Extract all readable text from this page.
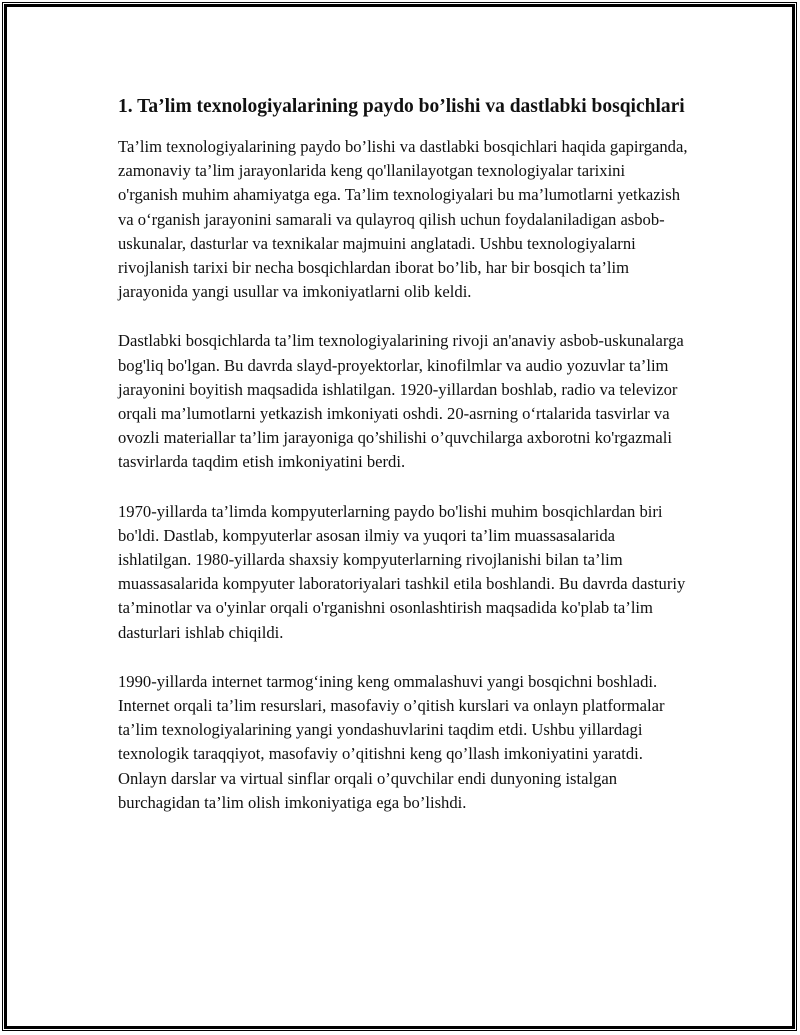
1. Ta’lim texnologiyalarining paydo bo’lishi va dastlabki bosqichlari

Ta’lim texnologiyalarining paydo bo’lishi va dastlabki bosqichlari haqida gapirganda, zamonaviy ta’lim jarayonlarida keng qo'llanilayotgan texnologiyalar tarixini o'rganish muhim ahamiyatga ega. Ta’lim texnologiyalari bu ma’lumotlarni yetkazish va o‘rganish jarayonini samarali va qulayroq qilish uchun foydalaniladigan asbob-uskunalar, dasturlar va texnikalar majmuini anglatadi. Ushbu texnologiyalarni rivojlanish tarixi bir necha bosqichlardan iborat bo’lib, har bir bosqich ta’lim jarayonida yangi usullar va imkoniyatlarni olib keldi.

Dastlabki bosqichlarda ta’lim texnologiyalarining rivoji an'anaviy asbob-uskunalarga bog'liq bo'lgan. Bu davrda slayd-proyektorlar, kinofilmlar va audio yozuvlar ta’lim jarayonini boyitish maqsadida ishlatilgan. 1920-yillardan boshlab, radio va televizor orqali ma’lumotlarni yetkazish imkoniyati oshdi. 20-asrning o‘rtalarida tasvirlar va ovozli materiallar ta’lim jarayoniga qo’shilishi o’quvchilarga axborotni ko'rgazmali tasvirlarda taqdim etish imkoniyatini berdi.

1970-yillarda ta’limda kompyuterlarning paydo bo'lishi muhim bosqichlardan biri bo'ldi. Dastlab, kompyuterlar asosan ilmiy va yuqori ta’lim muassasalarida ishlatilgan. 1980-yillarda shaxsiy kompyuterlarning rivojlanishi bilan ta’lim muassasalarida kompyuter laboratoriyalari tashkil etila boshlandi. Bu davrda dasturiy ta’minotlar va o'yinlar orqali o'rganishni osonlashtirish maqsadida ko'plab ta’lim dasturlari ishlab chiqildi.

1990-yillarda internet tarmog‘ining keng ommalashuvi yangi bosqichni boshladi. Internet orqali ta’lim resurslari, masofaviy o’qitish kurslari va onlayn platformalar ta’lim texnologiyalarining yangi yondashuvlarini taqdim etdi. Ushbu yillardagi texnologik taraqqiyot, masofaviy o’qitishni keng qo’llash imkoniyatini yaratdi. Onlayn darslar va virtual sinflar orqali o’quvchilar endi dunyoning istalgan burchagidan ta’lim olish imkoniyatiga ega bo’lishdi.
